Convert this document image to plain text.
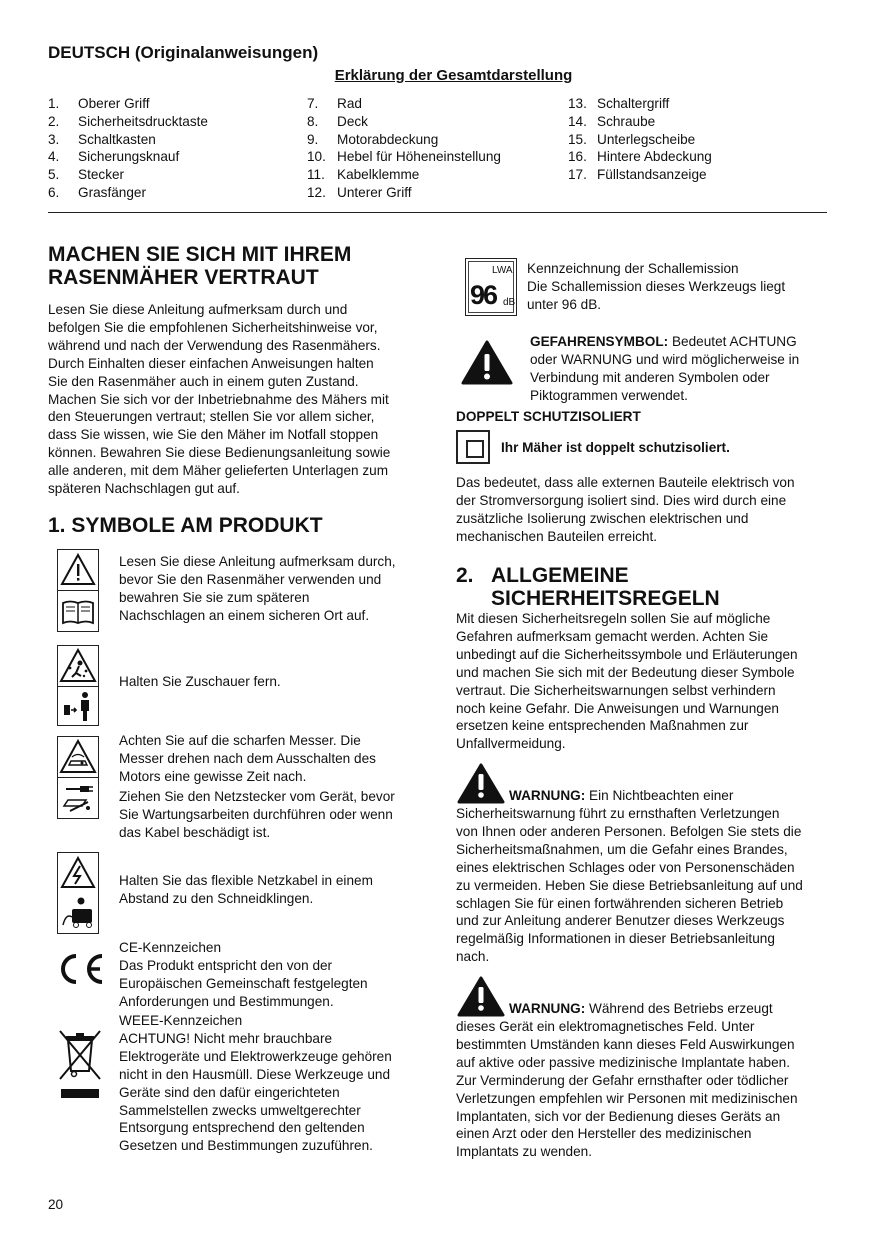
DEUTSCH (Originalanweisungen)
Erklärung der Gesamtdarstellung
1. Oberer Griff
2. Sicherheitsdrucktaste
3. Schaltkasten
4. Sicherungsknauf
5. Stecker
6. Grasfänger
7. Rad
8. Deck
9. Motorabdeckung
10. Hebel für Höheneinstellung
11. Kabelklemme
12. Unterer Griff
13. Schaltergriff
14. Schraube
15. Unterlegscheibe
16. Hintere Abdeckung
17. Füllstandsanzeige
MACHEN SIE SICH MIT IHREM
RASENMÄHER VERTRAUT
Lesen Sie diese Anleitung aufmerksam durch und
befolgen Sie die empfohlenen Sicherheitshinweise vor,
während und nach der Verwendung des Rasenmähers.
Durch Einhalten dieser einfachen Anweisungen halten
Sie den Rasenmäher auch in einem guten Zustand.
Machen Sie sich vor der Inbetriebnahme des Mähers mit
den Steuerungen vertraut; stellen Sie vor allem sicher,
dass Sie wissen, wie Sie den Mäher im Notfall stoppen
können. Bewahren Sie diese Bedienungsanleitung sowie
alle anderen, mit dem Mäher gelieferten Unterlagen zum
späteren Nachschlagen gut auf.
1. SYMBOLE AM PRODUKT
Lesen Sie diese Anleitung aufmerksam durch,
bevor Sie den Rasenmäher verwenden und
bewahren Sie sie zum späteren
Nachschlagen an einem sicheren Ort auf.
Halten Sie Zuschauer fern.
Achten Sie auf die scharfen Messer. Die
Messer drehen nach dem Ausschalten des
Motors eine gewisse Zeit nach.
Ziehen Sie den Netzstecker vom Gerät, bevor
Sie Wartungsarbeiten durchführen oder wenn
das Kabel beschädigt ist.
Halten Sie das flexible Netzkabel in einem
Abstand zu den Schneidklingen.
CE-Kennzeichen
Das Produkt entspricht den von der
Europäischen Gemeinschaft festgelegten
Anforderungen und Bestimmungen.
WEEE-Kennzeichen
ACHTUNG! Nicht mehr brauchbare
Elektrogeräte und Elektrowerkzeuge gehören
nicht in den Hausmüll. Diese Werkzeuge und
Geräte sind den dafür eingerichteten
Sammelstellen zwecks umweltgerechter
Entsorgung entsprechend den geltenden
Gesetzen und Bestimmungen zuzuführen.
LWA
96 dB
Kennzeichnung der Schallemission
Die Schallemission dieses Werkzeugs liegt
unter 96 dB.
GEFAHRENSYMBOL: Bedeutet ACHTUNG
oder WARNUNG und wird möglicherweise in
Verbindung mit anderen Symbolen oder
Piktogrammen verwendet.
DOPPELT SCHUTZISOLIERT
Ihr Mäher ist doppelt schutzisoliert.
Das bedeutet, dass alle externen Bauteile elektrisch von
der Stromversorgung isoliert sind. Dies wird durch eine
zusätzliche Isolierung zwischen elektrischen und
mechanischen Bauteilen erreicht.
2. ALLGEMEINE
SICHERHEITSREGELN
Mit diesen Sicherheitsregeln sollen Sie auf mögliche
Gefahren aufmerksam gemacht werden. Achten Sie
unbedingt auf die Sicherheitssymbole und Erläuterungen
und machen Sie sich mit der Bedeutung dieser Symbole
vertraut. Die Sicherheitswarnungen selbst verhindern
noch keine Gefahr. Die Anweisungen und Warnungen
ersetzen keine entsprechenden Maßnahmen zur
Unfallvermeidung.
WARNUNG: Ein Nichtbeachten einer
Sicherheitswarnung führt zu ernsthaften Verletzungen
von Ihnen oder anderen Personen. Befolgen Sie stets die
Sicherheitsmaßnahmen, um die Gefahr eines Brandes,
eines elektrischen Schlages oder von Personenschäden
zu vermeiden. Heben Sie diese Betriebsanleitung auf und
schlagen Sie für einen fortwährenden sicheren Betrieb
und zur Anleitung anderer Benutzer dieses Werkzeugs
regelmäßig Informationen in dieser Betriebsanleitung
nach.
WARNUNG: Während des Betriebs erzeugt
dieses Gerät ein elektromagnetisches Feld. Unter
bestimmten Umständen kann dieses Feld Auswirkungen
auf aktive oder passive medizinische Implantate haben.
Zur Verminderung der Gefahr ernsthafter oder tödlicher
Verletzungen empfehlen wir Personen mit medizinischen
Implantaten, sich vor der Bedienung dieses Geräts an
einen Arzt oder den Hersteller des medizinischen
Implantats zu wenden.
20
